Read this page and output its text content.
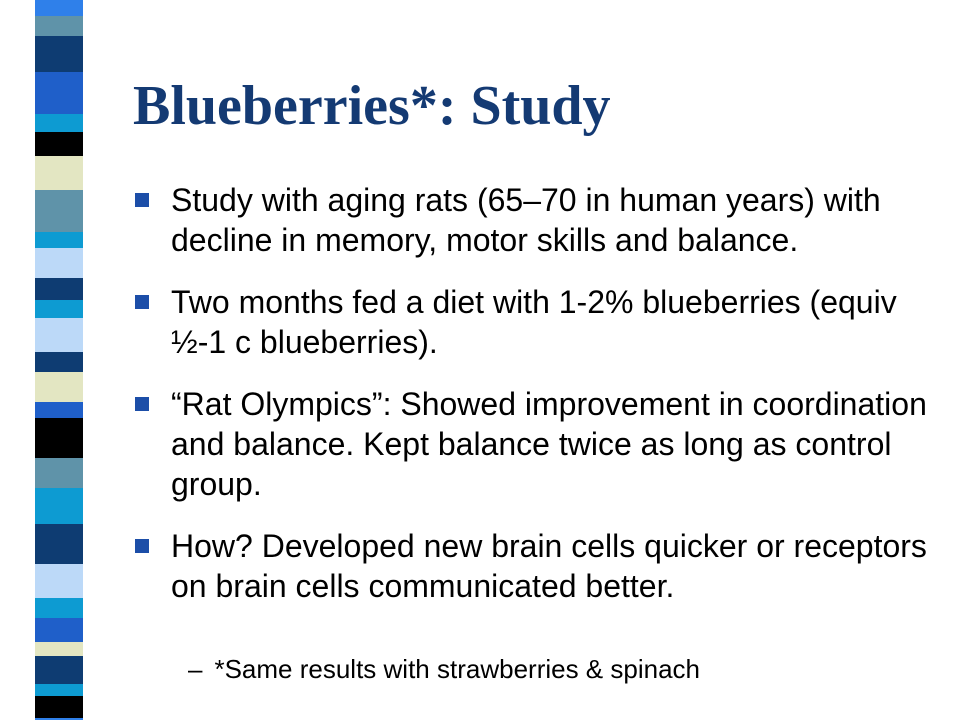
Blueberries*: Study
Study with aging rats (65–70 in human years) with decline in memory, motor skills and balance.
Two months fed a diet with 1-2% blueberries (equiv ½-1 c blueberries).
“Rat Olympics”: Showed improvement in coordination and balance. Kept balance twice as long as control group.
How? Developed new brain cells quicker or receptors on brain cells communicated better.
– *Same results with strawberries & spinach
